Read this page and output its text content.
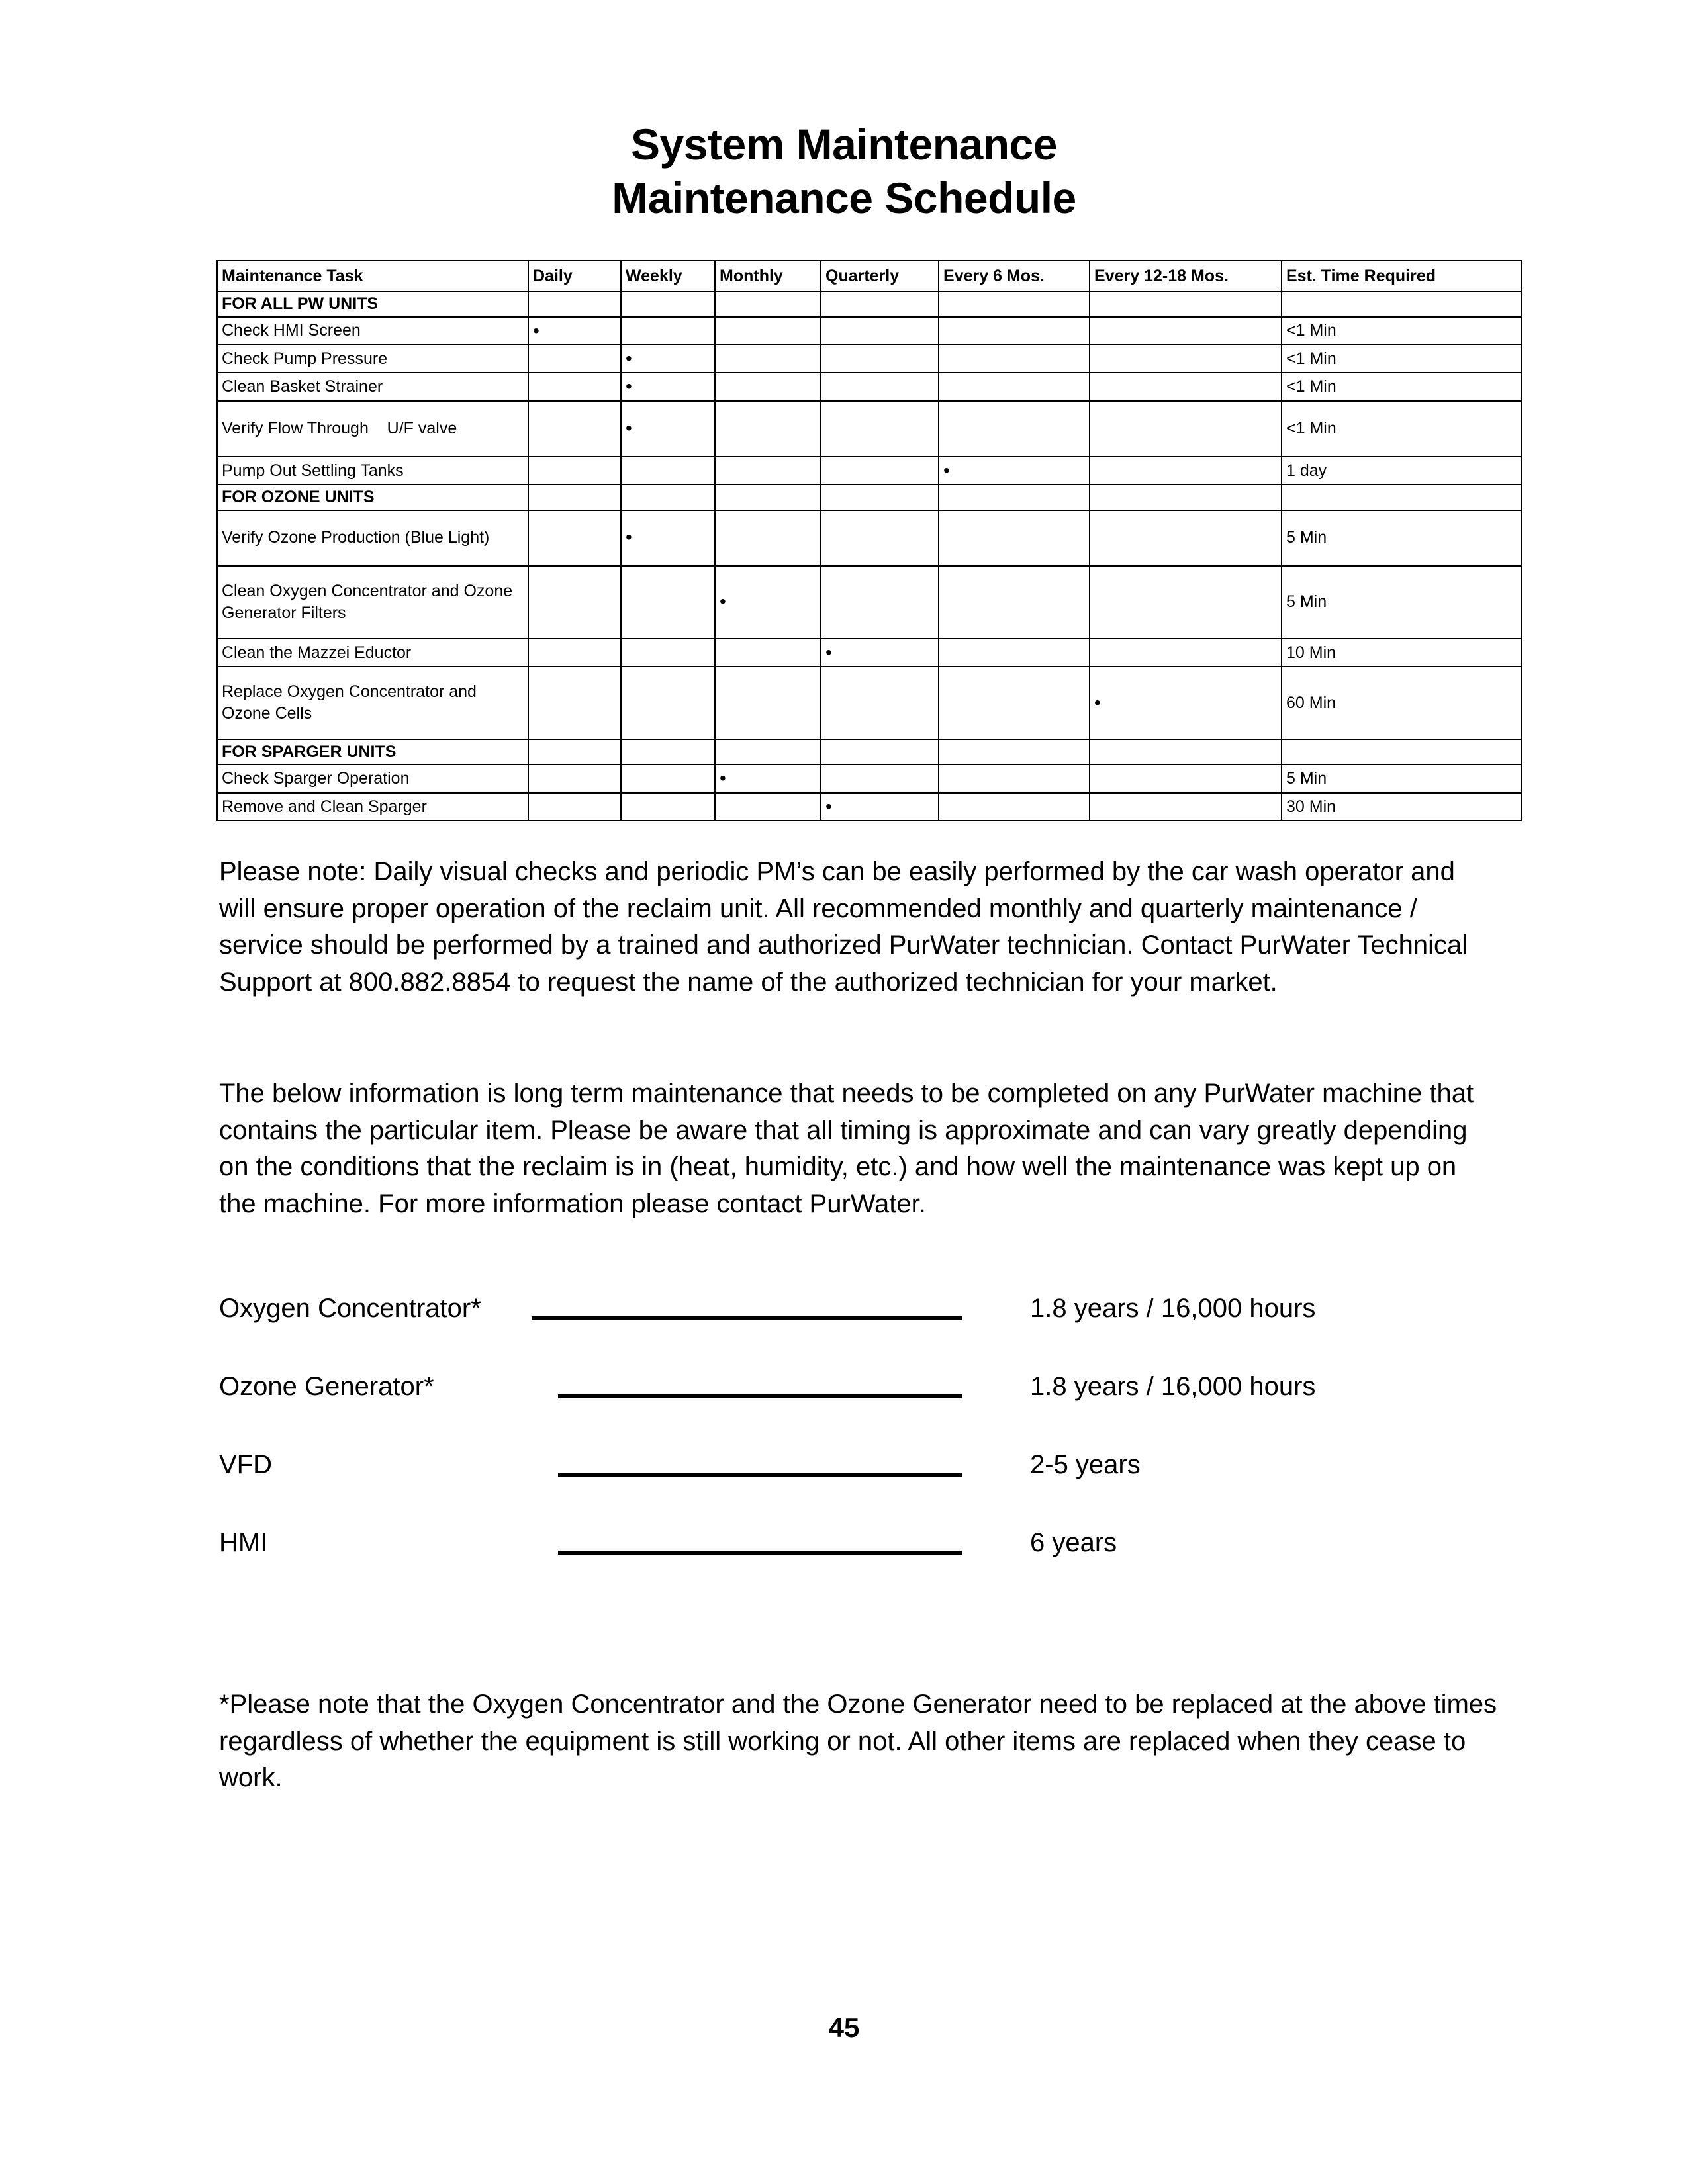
System Maintenance
Maintenance Schedule
Maintenance Task	Daily	Weekly	Monthly	Quarterly	Every 6 Mos.	Every 12-18 Mos.	Est. Time Required
FOR ALL PW UNITS							
Check HMI Screen	•						<1 Min
Check Pump Pressure		•					<1 Min
Clean Basket Strainer		•					<1 Min
Verify Flow Through    U/F valve		•					<1 Min
Pump Out Settling Tanks					•		1 day
FOR OZONE UNITS							
Verify Ozone Production (Blue Light)		•					5 Min
Clean Oxygen Concentrator and Ozone Generator Filters			•				5 Min
Clean the Mazzei Eductor				•			10 Min
Replace Oxygen Concentrator and Ozone Cells						•	60 Min
FOR SPARGER UNITS							
Check Sparger Operation			•				5 Min
Remove and Clean Sparger				•			30 Min
Please note: Daily visual checks and periodic PM’s can be easily performed by the car wash operator and will ensure proper operation of the reclaim unit. All recommended monthly and quarterly maintenance / service should be performed by a trained and authorized PurWater technician. Contact PurWater Technical Support at 800.882.8854 to request the name of the authorized technician for your market.
The below information is long term maintenance that needs to be completed on any PurWater machine that contains the particular item. Please be aware that all timing is approximate and can vary greatly depending on the conditions that the reclaim is in (heat, humidity, etc.) and how well the maintenance was kept up on the machine. For more information please contact PurWater.
Oxygen Concentrator*	1.8 years / 16,000 hours
Ozone Generator*	1.8 years / 16,000 hours
VFD	2-5 years
HMI	6 years
*Please note that the Oxygen Concentrator and the Ozone Generator need to be replaced at the above times regardless of whether the equipment is still working or not. All other items are replaced when they cease to work.
45
